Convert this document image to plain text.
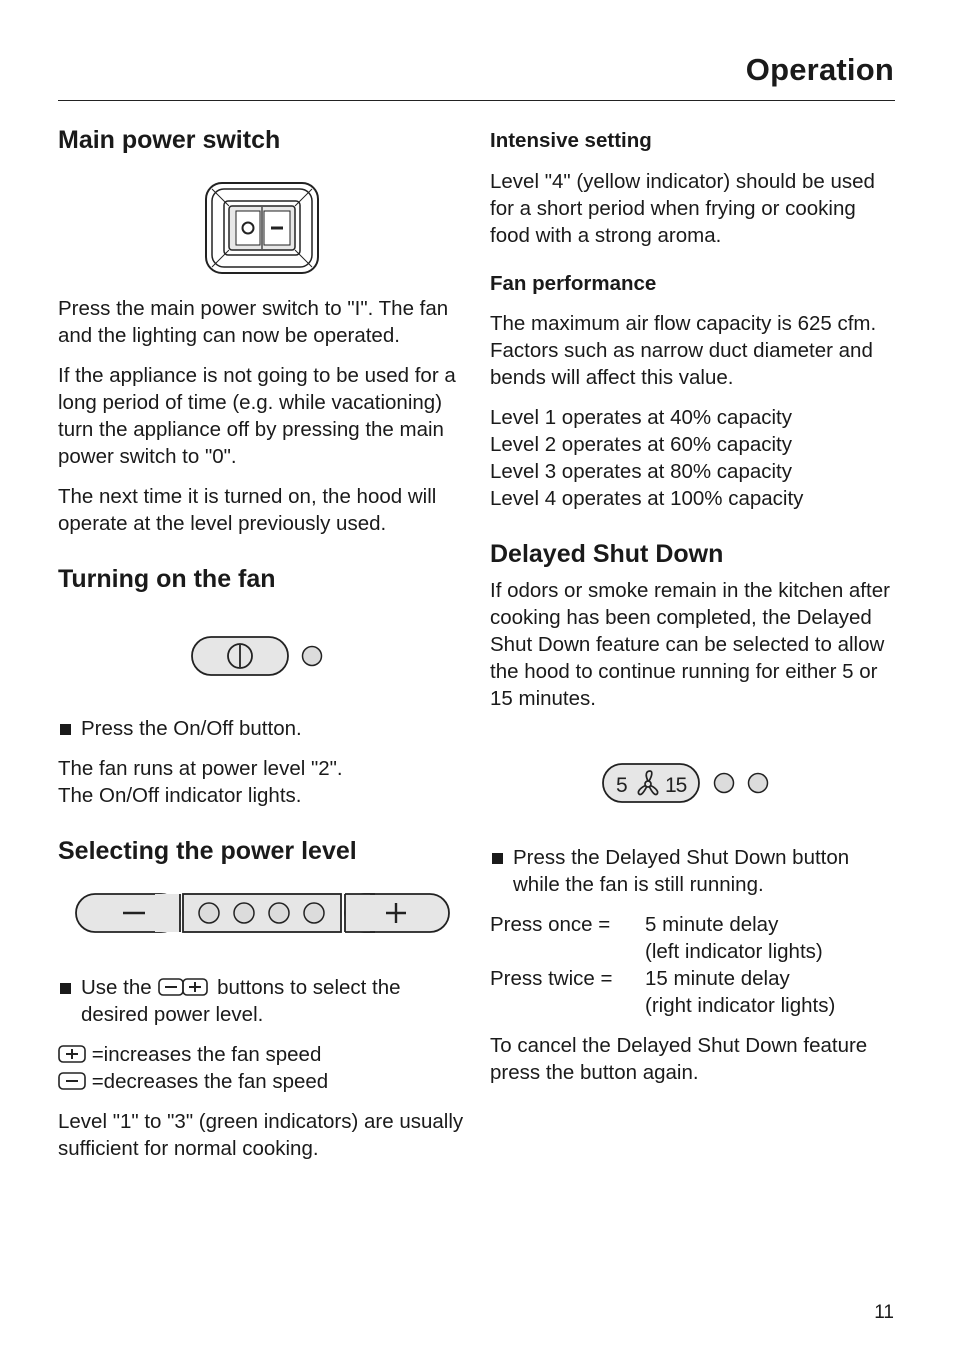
Operation
Main power switch

Press the main power switch to "I". The fan and the lighting can now be operated.

If the appliance is not going to be used for a long period of time (e.g. while vacationing) turn the appliance off by pressing the main power switch to "0".

The next time it is turned on, the hood will operate at the level previously used.

Turning on the fan
Press the On/Off button.

The fan runs at power level "2".

The On/Off indicator lights.

Selecting the power level
Use the	buttons to select the desired power level.

=increases the fan speed

=decreases the fan speed

Level "1" to "3" (green indicators) are usually sufficient for normal cooking.

Intensive setting

Level "4" (yellow indicator) should be used for a short period when frying or cooking food with a strong aroma.

Fan performance

The maximum air flow capacity is 625 cfm. Factors such as narrow duct diameter and bends will affect this value.

Level 1 operates at 40% capacity

Level 2 operates at 60% capacity

Level 3 operates at 80% capacity

Level 4 operates at 100% capacity

Delayed Shut Down

If odors or smoke remain in the kitchen after cooking has been completed, the Delayed Shut Down feature can be selected to allow the hood to continue running for either 5 or 15 minutes.

5 15
Press the Delayed Shut Down button while the fan is still running.
Press once =	5 minute delay
(left indicator lights)
Press twice =	15 minute delay
(right indicator lights)

To cancel the Delayed Shut Down feature press the button again.

11
